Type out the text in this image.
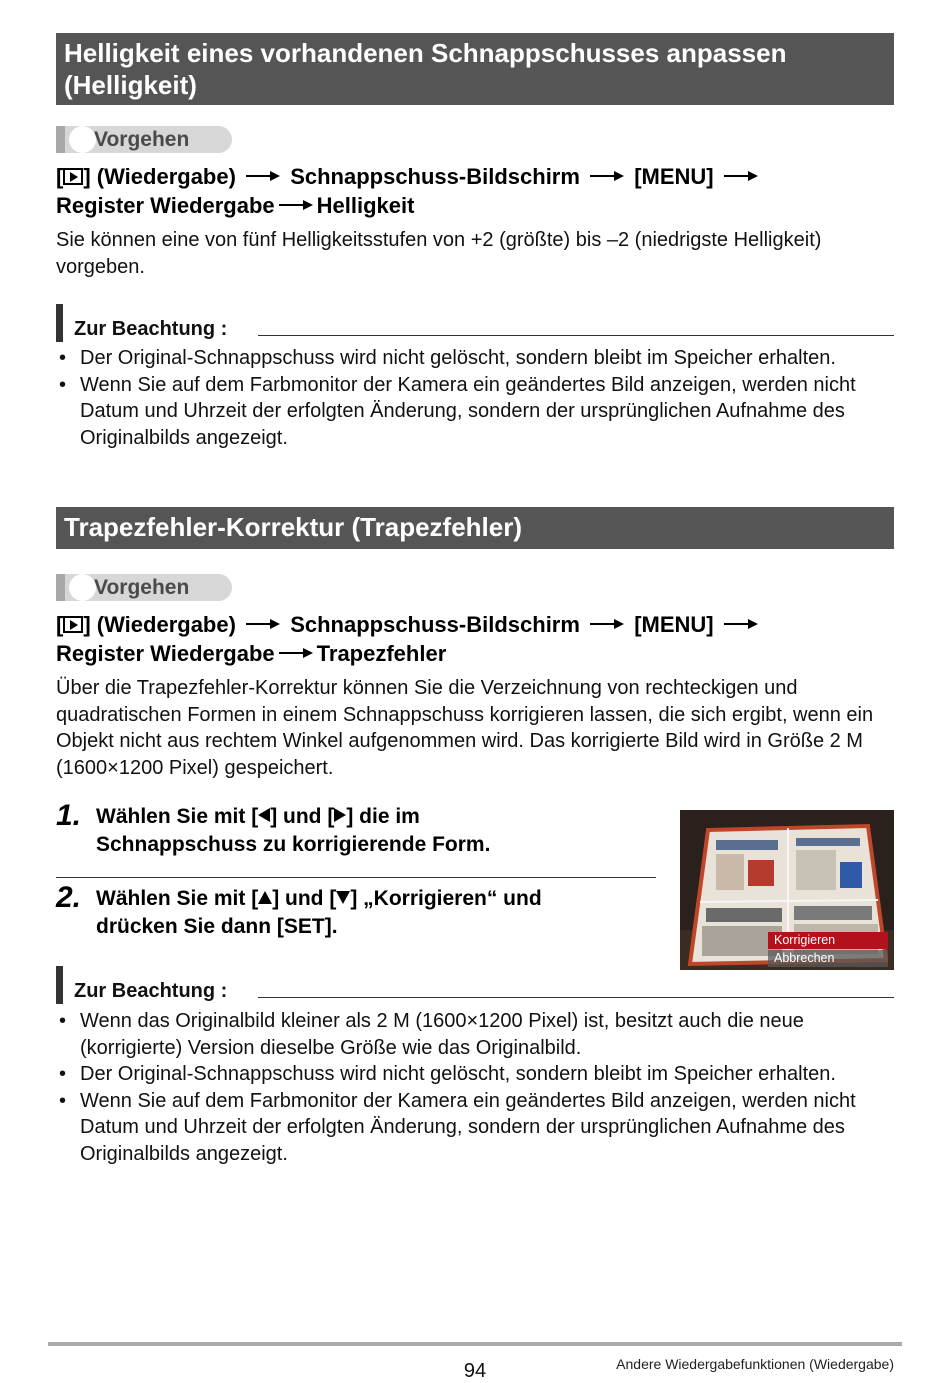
Helligkeit eines vorhandenen Schnappschusses anpassen
(Helligkeit)
Vorgehen
[ ] (Wiedergabe) Schnappschuss-Bildschirm [MENU]
Register Wiedergabe Helligkeit
Sie können eine von fünf Helligkeitsstufen von +2 (größte) bis –2 (niedrigste Helligkeit) vorgeben.
Zur Beachtung :
• Der Original-Schnappschuss wird nicht gelöscht, sondern bleibt im Speicher erhalten.
• Wenn Sie auf dem Farbmonitor der Kamera ein geändertes Bild anzeigen, werden nicht Datum und Uhrzeit der erfolgten Änderung, sondern der ursprünglichen Aufnahme des Originalbilds angezeigt.
Trapezfehler-Korrektur (Trapezfehler)
Vorgehen
[ ] (Wiedergabe) Schnappschuss-Bildschirm [MENU]
Register Wiedergabe Trapezfehler
Über die Trapezfehler-Korrektur können Sie die Verzeichnung von rechteckigen und quadratischen Formen in einem Schnappschuss korrigieren lassen, die sich ergibt, wenn ein Objekt nicht aus rechtem Winkel aufgenommen wird. Das korrigierte Bild wird in Größe 2 M (1600×1200 Pixel) gespeichert.
1. Wählen Sie mit [ ] und [ ] die im
Schnappschuss zu korrigierende Form.
2. Wählen Sie mit [ ] und [ ] „Korrigieren“ und
drücken Sie dann [SET].
Korrigieren
Abbrechen
Zur Beachtung :
• Wenn das Originalbild kleiner als 2 M (1600×1200 Pixel) ist, besitzt auch die neue (korrigierte) Version dieselbe Größe wie das Originalbild.
• Der Original-Schnappschuss wird nicht gelöscht, sondern bleibt im Speicher erhalten.
• Wenn Sie auf dem Farbmonitor der Kamera ein geändertes Bild anzeigen, werden nicht Datum und Uhrzeit der erfolgten Änderung, sondern der ursprünglichen Aufnahme des Originalbilds angezeigt.
94	Andere Wiedergabefunktionen (Wiedergabe)
